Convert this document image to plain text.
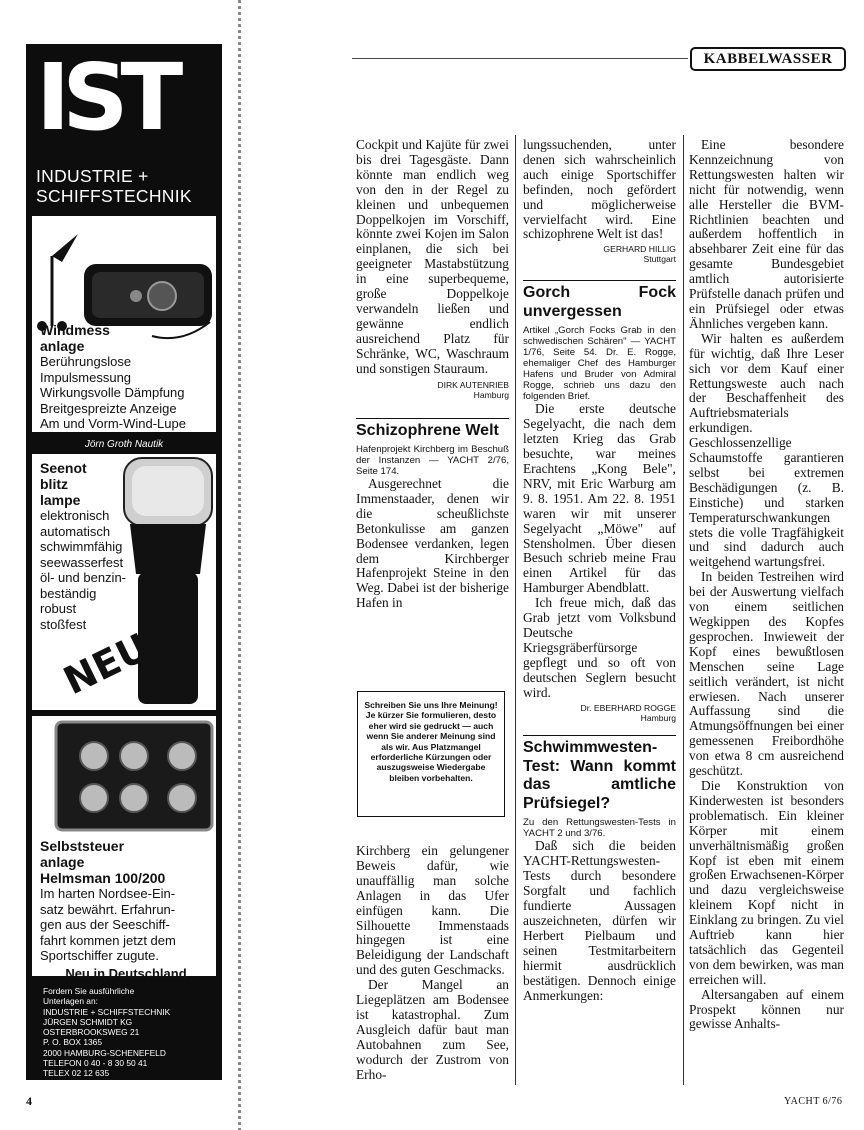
IST
INDUSTRIE +
SCHIFFSTECHNIK
Windmess
anlage
Berührungslose
Impulsmessung
Wirkungsvolle Dämpfung
Breitgespreizte Anzeige
Am und Vorm-Wind-Lupe
Jörn Groth Nautik
Seenot
blitz
lampe
elektronisch
automatisch
schwimmfähig
seewasserfest
öl- und benzin-
beständig
robust
stoßfest
NEU
Selbststeuer
anlage
Helmsman 100/200
Im harten Nordsee-Ein-
satz bewährt. Erfahrun-
gen aus der Seeschiff-
fahrt kommen jetzt dem
Sportschiffer zugute.
Neu in Deutschland
Fordern Sie ausführliche
Unterlagen an:
INDUSTRIE + SCHIFFSTECHNIK
JÜRGEN SCHMIDT KG
OSTERBROOKSWEG 21
P. O. BOX 1365
2000 HAMBURG-SCHENEFELD
TELEFON 0 40 - 8 30 50 41
TELEX 02 12 635
KABBELWASSER

Cockpit und Kajüte für zwei bis drei Tagesgäste. Dann könnte man endlich weg von den in der Regel zu kleinen und unbequemen Doppelkojen im Vorschiff, könnte zwei Kojen im Salon einplanen, die sich bei geeigneter Mastabstützung in eine superbequeme, große Doppelkoje verwandeln ließen und gewänne endlich ausreichend Platz für Schränke, WC, Waschraum und sonstigen Stauraum.

DIRK AUTENRIEB

Hamburg

Schizophrene Welt

Hafenprojekt Kirchberg im Beschuß der Instanzen — YACHT 2/76, Seite 174.

Ausgerechnet die Immenstaader, denen wir die scheußlichste Betonkulisse am ganzen Bodensee verdanken, legen dem Kirchberger Hafenprojekt Steine in den Weg. Dabei ist der bisherige Hafen in

Schreiben Sie uns Ihre Meinung! Je kürzer Sie formulieren, desto eher wird sie gedruckt — auch wenn Sie anderer Meinung sind als wir. Aus Platzmangel erforderliche Kürzungen oder auszugsweise Wiedergabe bleiben vorbehalten.

Kirchberg ein gelungener Beweis dafür, wie unauffällig man solche Anlagen in das Ufer einfügen kann. Die Silhouette Immenstaads hingegen ist eine Beleidigung der Landschaft und des guten Geschmacks.

Der Mangel an Liegeplätzen am Bodensee ist katastrophal. Zum Ausgleich dafür baut man Autobahnen zum See, wodurch der Zustrom von Erho-

lungssuchenden, unter denen sich wahrscheinlich auch einige Sportschiffer befinden, noch gefördert und möglicherweise vervielfacht wird. Eine schizophrene Welt ist das!

GERHARD HILLIG

Stuttgart

Gorch Fock unvergessen

Artikel „Gorch Focks Grab in den schwedischen Schären" — YACHT 1/76, Seite 54. Dr. E. Rogge, ehemaliger Chef des Hamburger Hafens und Bruder von Admiral Rogge, schrieb uns dazu den folgenden Brief.

Die erste deutsche Segelyacht, die nach dem letzten Krieg das Grab besuchte, war meines Erachtens „Kong Bele", NRV, mit Eric Warburg am 9. 8. 1951. Am 22. 8. 1951 waren wir mit unserer Segelyacht „Möwe" auf Stensholmen. Über diesen Besuch schrieb meine Frau einen Artikel für das Hamburger Abendblatt.

Ich freue mich, daß das Grab jetzt vom Volksbund Deutsche Kriegsgräberfürsorge gepflegt und so oft von deutschen Seglern besucht wird.

Dr. EBERHARD ROGGE

Hamburg

Schwimmwesten-Test: Wann kommt das amtliche Prüfsiegel?

Zu den Rettungswesten-Tests in YACHT 2 und 3/76.

Daß sich die beiden YACHT-Rettungswesten-Tests durch besondere Sorgfalt und fachlich fundierte Aussagen auszeichneten, dürfen wir Herbert Pielbaum und seinen Testmitarbeitern hiermit ausdrücklich bestätigen. Dennoch einige Anmerkungen:

Eine besondere Kennzeichnung von Rettungswesten halten wir nicht für notwendig, wenn alle Hersteller die BVM-Richtlinien beachten und außerdem hoffentlich in absehbarer Zeit eine für das gesamte Bundesgebiet amtlich autorisierte Prüfstelle danach prüfen und ein Prüfsiegel oder etwas Ähnliches vergeben kann.

Wir halten es außerdem für wichtig, daß Ihre Leser sich vor dem Kauf einer Rettungsweste auch nach der Beschaffenheit des Auftriebsmaterials erkundigen. Geschlossenzellige Schaumstoffe garantieren selbst bei extremen Beschädigungen (z. B. Einstiche) und starken Temperaturschwankungen stets die volle Tragfähigkeit und sind dadurch auch weitgehend wartungsfrei.

In beiden Testreihen wird bei der Auswertung vielfach von einem seitlichen Wegkippen des Kopfes gesprochen. Inwieweit der Kopf eines bewußtlosen Menschen seine Lage seitlich verändert, ist nicht erwiesen. Nach unserer Auffassung sind die Atmungsöffnungen bei einer gemessenen Freibordhöhe von etwa 8 cm ausreichend geschützt.

Die Konstruktion von Kinderwesten ist besonders problematisch. Ein kleiner Körper mit einem unverhältnismäßig großen Kopf ist eben mit einem großen Erwachsenen-Körper und dazu vergleichsweise kleinem Kopf nicht in Einklang zu bringen. Zu viel Auftrieb kann hier tatsächlich das Gegenteil von dem bewirken, was man erreichen will.

Altersangaben auf einem Prospekt können nur gewisse Anhalts-

4	YACHT 6/76
